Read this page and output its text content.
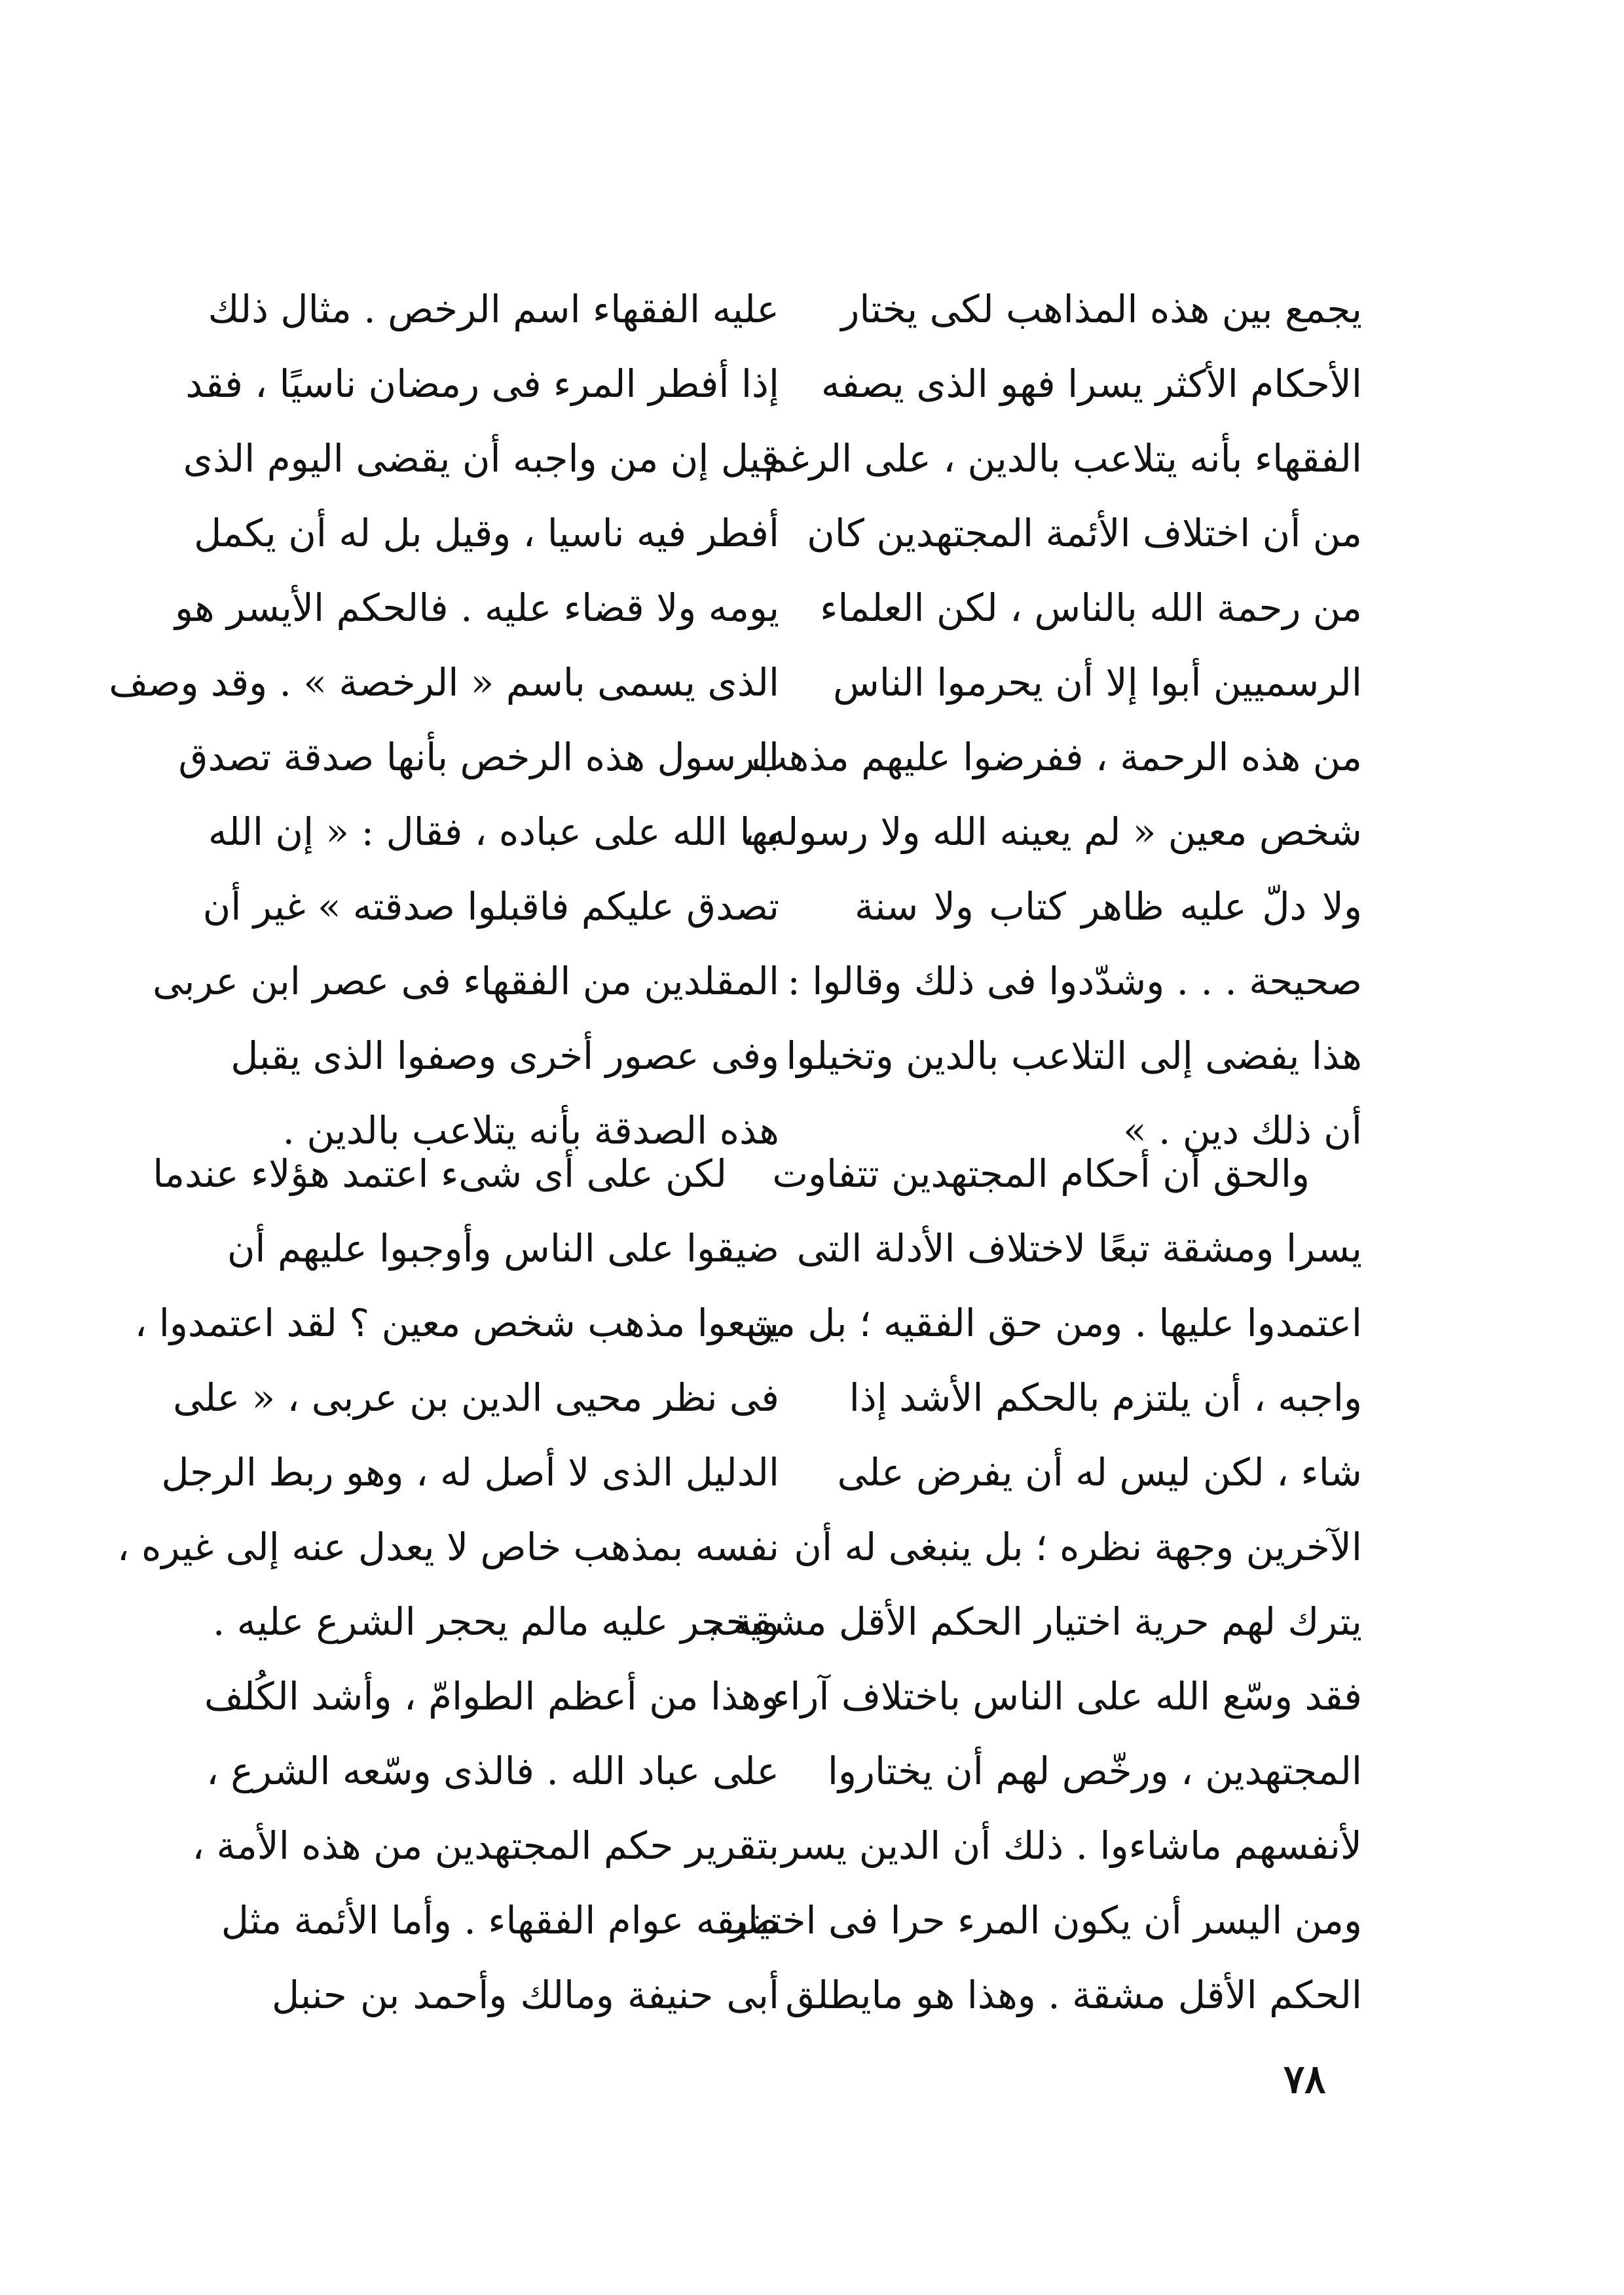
يجمع بين هذه المذاهب لكى يختار
الأحكام الأكثر يسرا فهو الذى يصفه
الفقهاء بأنه يتلاعب بالدين ، على الرغم
من أن اختلاف الأئمة المجتهدين كان
من رحمة الله بالناس ، لكن العلماء
الرسميين أبوا إلا أن يحرموا الناس
من هذه الرحمة ، ففرضوا عليهم مذهب
شخص معين « لم يعينه الله ولا رسوله ،
ولا دلّ عليه ظاهر كتاب ولا سنة
صحيحة . . . وشدّدوا فى ذلك وقالوا :
هذا يفضى إلى التلاعب بالدين وتخيلوا
أن ذلك دين . »
والحق أن أحكام المجتهدين تتفاوت
يسرا ومشقة تبعًا لاختلاف الأدلة التى
اعتمدوا عليها . ومن حق الفقيه ؛ بل من
واجبه ، أن يلتزم بالحكم الأشد إذا
شاء ، لكن ليس له أن يفرض على
الآخرين وجهة نظره ؛ بل ينبغى له أن
يترك لهم حرية اختيار الحكم الأقل مشقة ،
فقد وسّع الله على الناس باختلاف آراء
المجتهدين ، ورخّص لهم أن يختاروا
لأنفسهم ماشاءوا . ذلك أن الدين يسر
ومن اليسر أن يكون المرء حرا فى اختيار
الحكم الأقل مشقة . وهذا هو مايطلق
عليه الفقهاء اسم الرخص . مثال ذلك
إذا أفطر المرء فى رمضان ناسيًا ، فقد
قيل إن من واجبه أن يقضى اليوم الذى
أفطر فيه ناسيا ، وقيل بل له أن يكمل
يومه ولا قضاء عليه . فالحكم الأيسر هو
الذى يسمى باسم « الرخصة » . وقد وصف
الرسول هذه الرخص بأنها صدقة تصدق
بها الله على عباده ، فقال : « إن الله
تصدق عليكم فاقبلوا صدقته » غير أن
المقلدين من الفقهاء فى عصر ابن عربى
وفى عصور أخرى وصفوا الذى يقبل
هذه الصدقة بأنه يتلاعب بالدين .
لكن على أى شىء اعتمد هؤلاء عندما
ضيقوا على الناس وأوجبوا عليهم أن
يتبعوا مذهب شخص معين ؟ لقد اعتمدوا ،
فى نظر محيى الدين بن عربى ، « على
الدليل الذى لا أصل له ، وهو ربط الرجل
نفسه بمذهب خاص لا يعدل عنه إلى غيره ،
ويحجر عليه مالم يحجر الشرع عليه .
وهذا من أعظم الطوامّ ، وأشد الكُلف
على عباد الله . فالذى وسّعه الشرع ،
بتقرير حكم المجتهدين من هذه الأمة ،
ضيقه عوام الفقهاء . وأما الأئمة مثل
أبى حنيفة ومالك وأحمد بن حنبل
٧٨
